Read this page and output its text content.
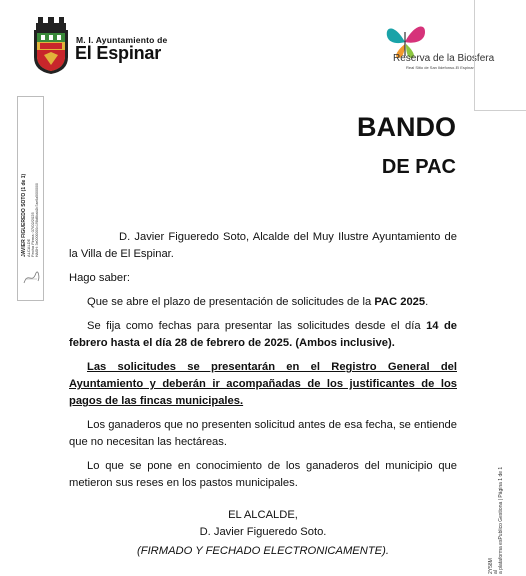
M. I. Ayuntamiento de
El Espinar	Reserva de la Biosfera
Real Sitio de San Ildefonso-El Espinar
2Y58M al a plataforma esPublico Gestiona | Página 1 de 1
JAVIER FIGUEREDO SOTO (1 de 1) ALCALDE Fecha Firma: 07/02/2025 HASH: 3e0000000c198d6bab2b7ae6a5000000
BANDO
DE PAC

D. Javier Figueredo Soto, Alcalde del Muy Ilustre Ayuntamiento de la Villa de El Espinar.

Hago saber:

Que se abre el plazo de presentación de solicitudes de la PAC 2025.

Se fija como fechas para presentar las solicitudes desde el día 14 de febrero hasta el día 28 de febrero de 2025. (Ambos inclusive).

Las solicitudes se presentarán en el Registro General del Ayuntamiento y deberán ir acompañadas de los justificantes de los pagos de las fincas municipales.

Los ganaderos que no presenten solicitud antes de esa fecha, se entiende que no necesitan las hectáreas.

Lo que se pone en conocimiento de los ganaderos del municipio que metieron sus reses en los pastos municipales.

EL ALCALDE,
D. Javier Figueredo Soto.
(FIRMADO Y FECHADO ELECTRONICAMENTE).
